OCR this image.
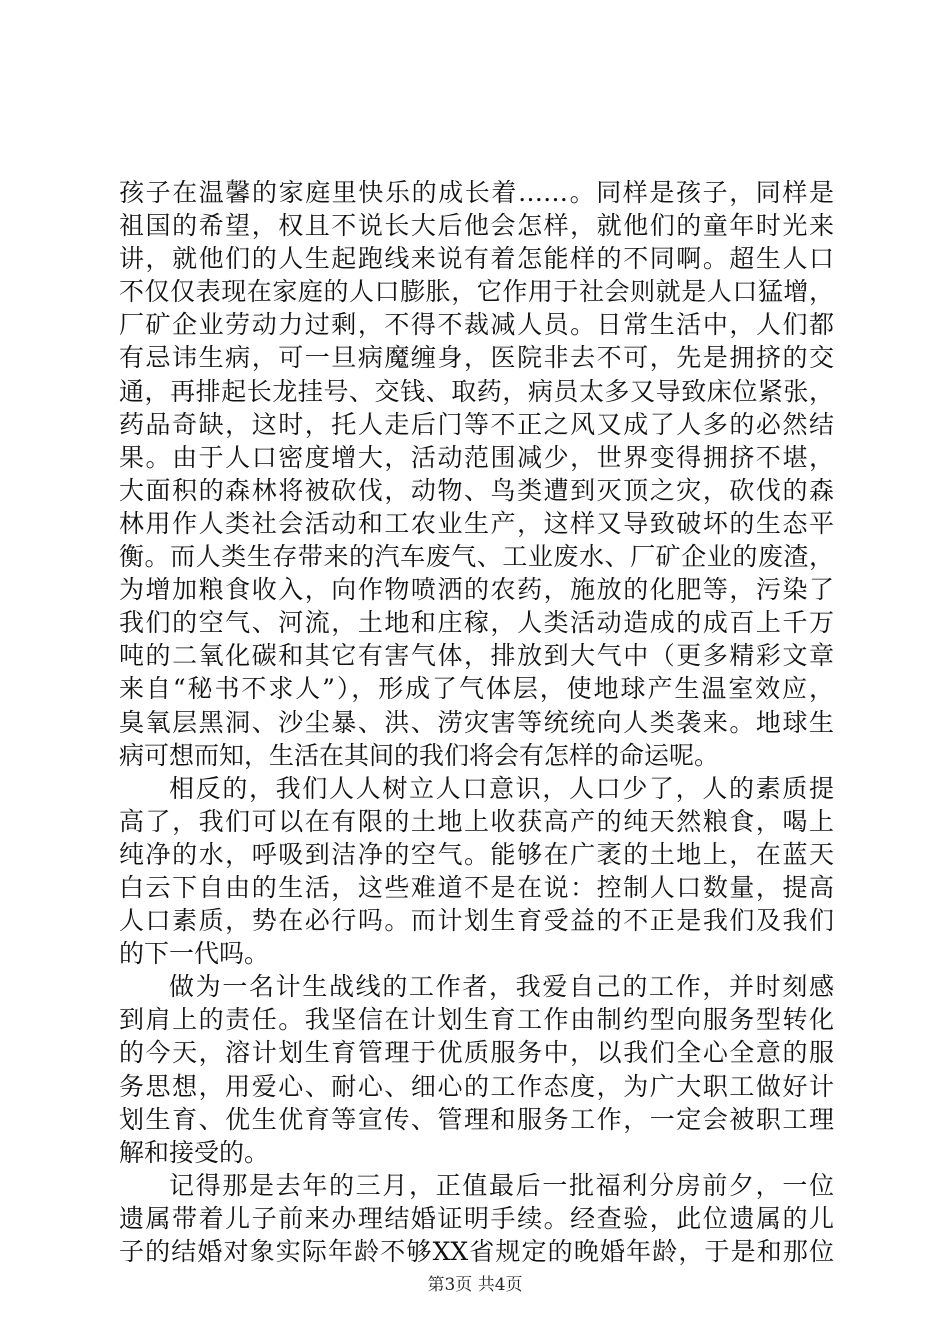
孩子在温馨的家庭里快乐的成长着……。同样是孩子，同样是
祖国的希望，权且不说长大后他会怎样，就他们的童年时光来
讲，就他们的人生起跑线来说有着怎能样的不同啊。超生人口
不仅仅表现在家庭的人口膨胀，它作用于社会则就是人口猛增，
厂矿企业劳动力过剩，不得不裁减人员。日常生活中，人们都
有忌讳生病，可一旦病魔缠身，医院非去不可，先是拥挤的交
通，再排起长龙挂号、交钱、取药，病员太多又导致床位紧张，
药品奇缺，这时，托人走后门等不正之风又成了人多的必然结
果。由于人口密度增大，活动范围减少，世界变得拥挤不堪，
大面积的森林将被砍伐，动物、鸟类遭到灭顶之灾，砍伐的森
林用作人类社会活动和工农业生产，这样又导致破坏的生态平
衡。而人类生存带来的汽车废气、工业废水、厂矿企业的废渣，
为增加粮食收入，向作物喷洒的农药，施放的化肥等，污染了
我们的空气、河流，土地和庄稼，人类活动造成的成百上千万
吨的二氧化碳和其它有害气体，排放到大气中（更多精彩文章
来自“秘书不求人”），形成了气体层，使地球产生温室效应，
臭氧层黑洞、沙尘暴、洪、涝灾害等统统向人类袭来。地球生
病可想而知，生活在其间的我们将会有怎样的命运呢。
相反的，我们人人树立人口意识，人口少了，人的素质提
高了，我们可以在有限的土地上收获高产的纯天然粮食，喝上
纯净的水，呼吸到洁净的空气。能够在广袤的土地上，在蓝天
白云下自由的生活，这些难道不是在说：控制人口数量，提高
人口素质，势在必行吗。而计划生育受益的不正是我们及我们
的下一代吗。
做为一名计生战线的工作者，我爱自己的工作，并时刻感
到肩上的责任。我坚信在计划生育工作由制约型向服务型转化
的今天，溶计划生育管理于优质服务中，以我们全心全意的服
务思想，用爱心、耐心、细心的工作态度，为广大职工做好计
划生育、优生优育等宣传、管理和服务工作，一定会被职工理
解和接受的。
记得那是去年的三月，正值最后一批福利分房前夕，一位
遗属带着儿子前来办理结婚证明手续。经查验，此位遗属的儿
子的结婚对象实际年龄不够XX省规定的晚婚年龄，于是和那位
第3页 共4页
